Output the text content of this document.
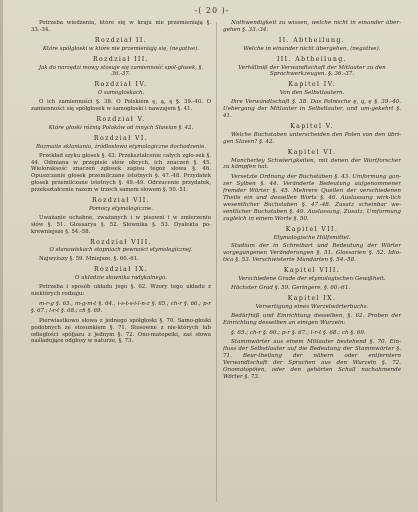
-( 20 )-
Potrzeba wiedzenia, które się w kraju nie przemieniają §. 33.-34.
Rozdział II.
Które spółgłoski w które nie przemieniają się, (negative).
Rozdział III.
Jak do narzędzi mowy stosuje się zamienność spół-głosek, §. 36.-37.
Rozdział IV.
O samogłoskach.
O ich zamienności §. 38. O Polskiém ę, ą, ę §. 39.-40. O zamienności się spółgłosek w samogłoski i nawzajem §. 41.
Rozdział V.
Które głoski różnią Polaków od innych Sławian §. 42.
Rozdział VI.
Rozmaite skłaniania, źródłosłowo etymologiczne dochodzenie.
Przekład szyku głosek §. 43. Przekształcenie całych zgło-sek §. 44. Odmiana w przepisie słów obcych, ich znaczeń §. 45. Wieloraksość znaczeń zgłosek zapisu tegoż słowa §. 46. Opuszczanie głosek przemilczane istotnych §. 47.-48. Przydatek głosek przemilczane istotnych §. 49.-49. Odrzucenie przydatek, przekształcenie razem w trzech samem słowem §. 50.-51.
Rozdział VII.
Pomocy etymologiczne.
Uważanie ochabne, zważanych i w pisowni i w zmierzeniu słów §. 51. Glossarya §. 52. Słownika §. 53. Dyalekta po-krewniejsze §. 54.-58.
Rozdział VIII.
O stanowiskach stopniach pewności etymologicznej.
Najwyższy §. 59. Mniejsze, §. 60.-61.
Rozdział IX.
O układzie słownika radykalnego.
Potrzeba i sposób układu jego §. 62. Wzory tego układu z niektórych rodzaju:
m-r-g §. 63., m-g-m-t §. 64., i-s-t-s-i-l-n-z §. 65.; ch-r §. 66.; p-r §. 67.; l-r-t §. 68.; ch §. 69.
Pierwiastkowo słowa z jednego spółgłoski §. 70. Samo-głoski podobnych ze stosunkiem §. 71. Stosowne z nie-których lub odległości spółjazu z jednym §. 72. Ono-matopeiki, zaś słowa naśladujące odgłosy w naturze, §. 73.
Nothwendigkeit zu wissen, welche nicht in einander über-gehen §. 33.-34.
II. Abtheilung.
Welche in einander nicht übergehen, (negative).
III. Abtheilung.
Verhältniß der Verwandtschaft der Mitlauter zu den Sprachwerkzeugen. §. 36.-37.
Kapitel IV.
Von den Selbstlautern.
Ihre Verwandtschaft §. 38. Das Polnische ę, ą, ę §. 39.-40. Uebergang der Mitlauter in Selbstlauter, und um-gekehrt §. 41.
Kapitel V.
Welche Buchstaben unterscheiden den Polen von den übri-gen Slaven? §. 42.
Kapitel VI.
Mancherley Schwierigkeiten, mit denen der Wortforscher zu kämpfen hat.
Versetzte Ordnung der Buchstaben §. 43. Umformung gan-zer Sylben §. 44. Veränderte Bedeutung aufgenommener fremder Wörter §. 45. Mehrere Quellen der verschiedenen Theile ein und dessellen Worts §. 46. Auslassung wirk-lich wesentlicher Buchstaben §. 47.-48. Zusatz scheinbar we-sentlicher Buchstaben §. 49. Auslassung, Zusatz, Umformung zugleich in einem Worte §. 50.
Kapitel VII.
Etymologische Hülfsmittel.
Studium der in Schreibart und Bedeutung der Wörter vorgegangenen Veränderungen §. 51. Glossarien §. 52. Idio-tica §. 53. Verschwisterte Mundarten §. 54.-58.
Kapitel VIII.
Verschiedene Grade der etymologischen Gewißheit.
Höchster Grad §. 59. Geringere, §. 60.-61.
Kapitel IX.
Versertigung eines Wurzelwörterbuchs.
Bedürfniß und Einrichtung desselben, §. 62. Proben der Einrichtung desselben an einigen Wurzeln:
§. 65.; ch-r §. 66.; p-r §. 67.; l-r-t §. 68.; ch §. 69.
Stammwörter aus einem Mitlauter bestehend §. 70. Ein-fluss der Selbstlauter auf die Bedeutung der Stammwörter §. 71. Beur-theilung der nähern oder entferntern Verwandtschaft der Sprachen aus den Wurzeln §. 72. Onomatopöien, oder den gehörten Schall nachahmende Wörter §. 73.
